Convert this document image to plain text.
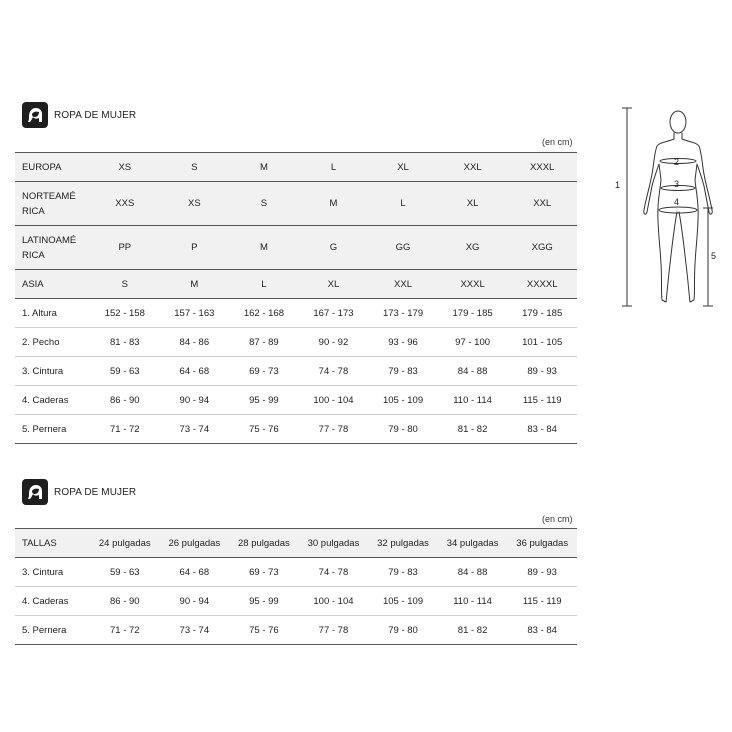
ROPA DE MUJER
(en cm)
EUROPA	XS	S	M	L	XL	XXL	XXXL
NORTEAMÉ RICA	XXS	XS	S	M	L	XL	XXL
LATINOAMÉ RICA	PP	P	M	G	GG	XG	XGG
ASIA	S	M	L	XL	XXL	XXXL	XXXXL
1. Altura	152 - 158	157 - 163	162 - 168	167 - 173	173 - 179	179 - 185	179 - 185
2. Pecho	81 - 83	84 - 86	87 - 89	90 - 92	93 - 96	97 - 100	101 - 105
3. Cintura	59 - 63	64 - 68	69 - 73	74 - 78	79 - 83	84 - 88	89 - 93
4. Caderas	86 - 90	90 - 94	95 - 99	100 - 104	105 - 109	110 - 114	115 - 119
5. Pernera	71 - 72	73 - 74	75 - 76	77 - 78	79 - 80	81 - 82	83 - 84
1
2
3
4
5
ROPA DE MUJER
(en cm)
TALLAS	24 pulgadas	26 pulgadas	28 pulgadas	30 pulgadas	32 pulgadas	34 pulgadas	36 pulgadas
3. Cintura	59 - 63	64 - 68	69 - 73	74 - 78	79 - 83	84 - 88	89 - 93
4. Caderas	86 - 90	90 - 94	95 - 99	100 - 104	105 - 109	110 - 114	115 - 119
5. Pernera	71 - 72	73 - 74	75 - 76	77 - 78	79 - 80	81 - 82	83 - 84
